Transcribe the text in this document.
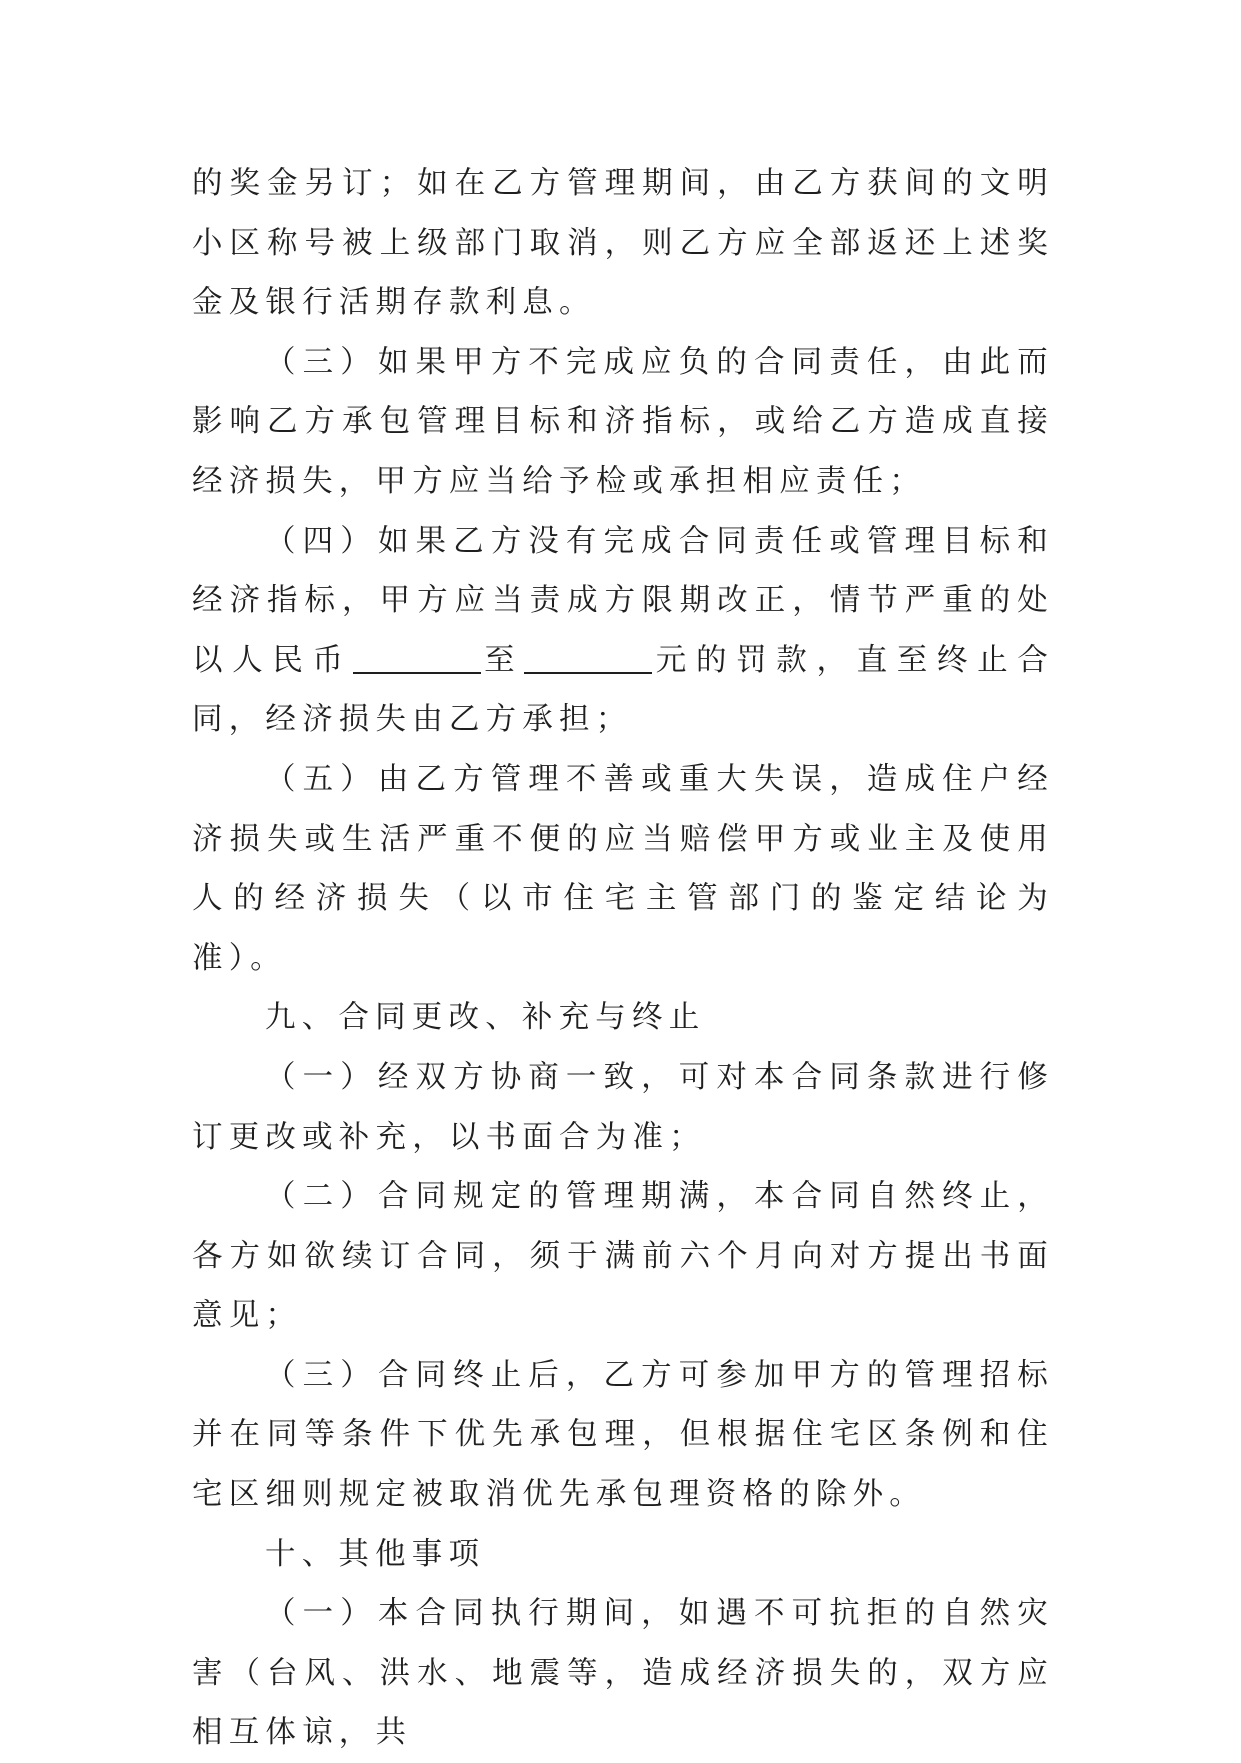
的奖金另订；如在乙方管理期间，由乙方获间的文明小区称号被上级部门取消，则乙方应全部返还上述奖金及银行活期存款利息。

（三）如果甲方不完成应负的合同责任，由此而影响乙方承包管理目标和济指标，或给乙方造成直接经济损失，甲方应当给予检或承担相应责任；

（四）如果乙方没有完成合同责任或管理目标和经济指标，甲方应当责成方限期改正，情节严重的处以人民币	至	元的罚款，直至终止合同，经济损失由乙方承担；

（五）由乙方管理不善或重大失误，造成住户经济损失或生活严重不便的应当赔偿甲方或业主及使用人的经济损失（以市住宅主管部门的鉴定结论为准）。

九、合同更改、补充与终止

（一）经双方协商一致，可对本合同条款进行修订更改或补充，以书面合为准；

（二）合同规定的管理期满，本合同自然终止，各方如欲续订合同，须于满前六个月向对方提出书面意见；

（三）合同终止后，乙方可参加甲方的管理招标并在同等条件下优先承包理，但根据住宅区条例和住宅区细则规定被取消优先承包理资格的除外。

十、其他事项

（一）本合同执行期间，如遇不可抗拒的自然灾害（台风、洪水、地震等，造成经济损失的，双方应相互体谅，共
